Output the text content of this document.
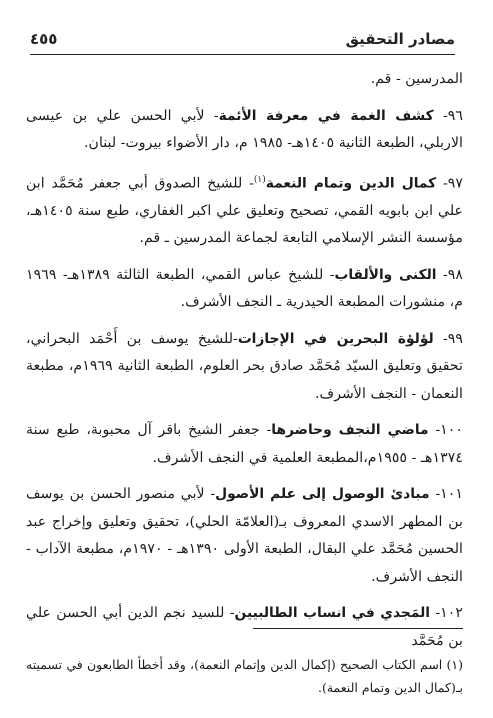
مصادر التحقيق
٤٥٥

المدرسين - قم.

٩٦- كشف الغمة في معرفة الأئمة- لأبي الحسن علي بن عيسى الاربلي، الطبعة الثانية ١٤٠٥هـ- ١٩٨٥ م، دار الأضواء بيروت- لبنان.

٩٧- كمال الدين وتمام النعمة$^{(١)}$- للشيخ الصدوق أبي جعفر مُحَمَّد ابن علي ابن بابويه القمي، تصحيح وتعليق علي اكبر الغفاري، طبع سنة ١٤٠٥هـ، مؤسسة النشر الإسلامي التابعة لجماعة المدرسين ـ قم.

٩٨- الكنى والألقاب- للشيخ عباس القمي، الطبعة الثالثة ١٣٨٩هـ- ١٩٦٩ م، منشورات المطبعة الحيدرية ـ النجف الأشرف.

٩٩- لؤلؤة البحرين في الإجازات-للشيخ يوسف بن أَحْمَد البحراني، تحقيق وتعليق السيّد مُحَمَّد صادق بحر العلوم، الطبعة الثانية ١٩٦٩م، مطبعة النعمان - النجف الأشرف.

١٠٠- ماضي النجف وحاضرها- جعفر الشيخ باقر آل محبوبة، طبع سنة ١٣٧٤هـ - ١٩٥٥م،المطبعة العلمية في النجف الأشرف.

١٠١- مبادئ الوصول إلى علم الأصول- لأبي منصور الحسن بن يوسف بن المطهر الاسدي المعروف بـ(العلامّة الحلي)، تحقيق وتعليق وإخراج عبد الحسين مُحَمَّد علي البقال، الطبعة الأولى ١٣٩٠هـ - ١٩٧٠م، مطبعة الآداب - النجف الأشرف.

١٠٢- المَجدي في انساب الطالبيين- للسيد نجم الدين أبي الحسن علي بن مُحَمَّد

(١) اسم الكتاب الصحيح (إكمال الدين وإتمام النعمة)، وقد أخطأ الطابعون في تسميته بـ(كمال الدين وتمام النعمة).
